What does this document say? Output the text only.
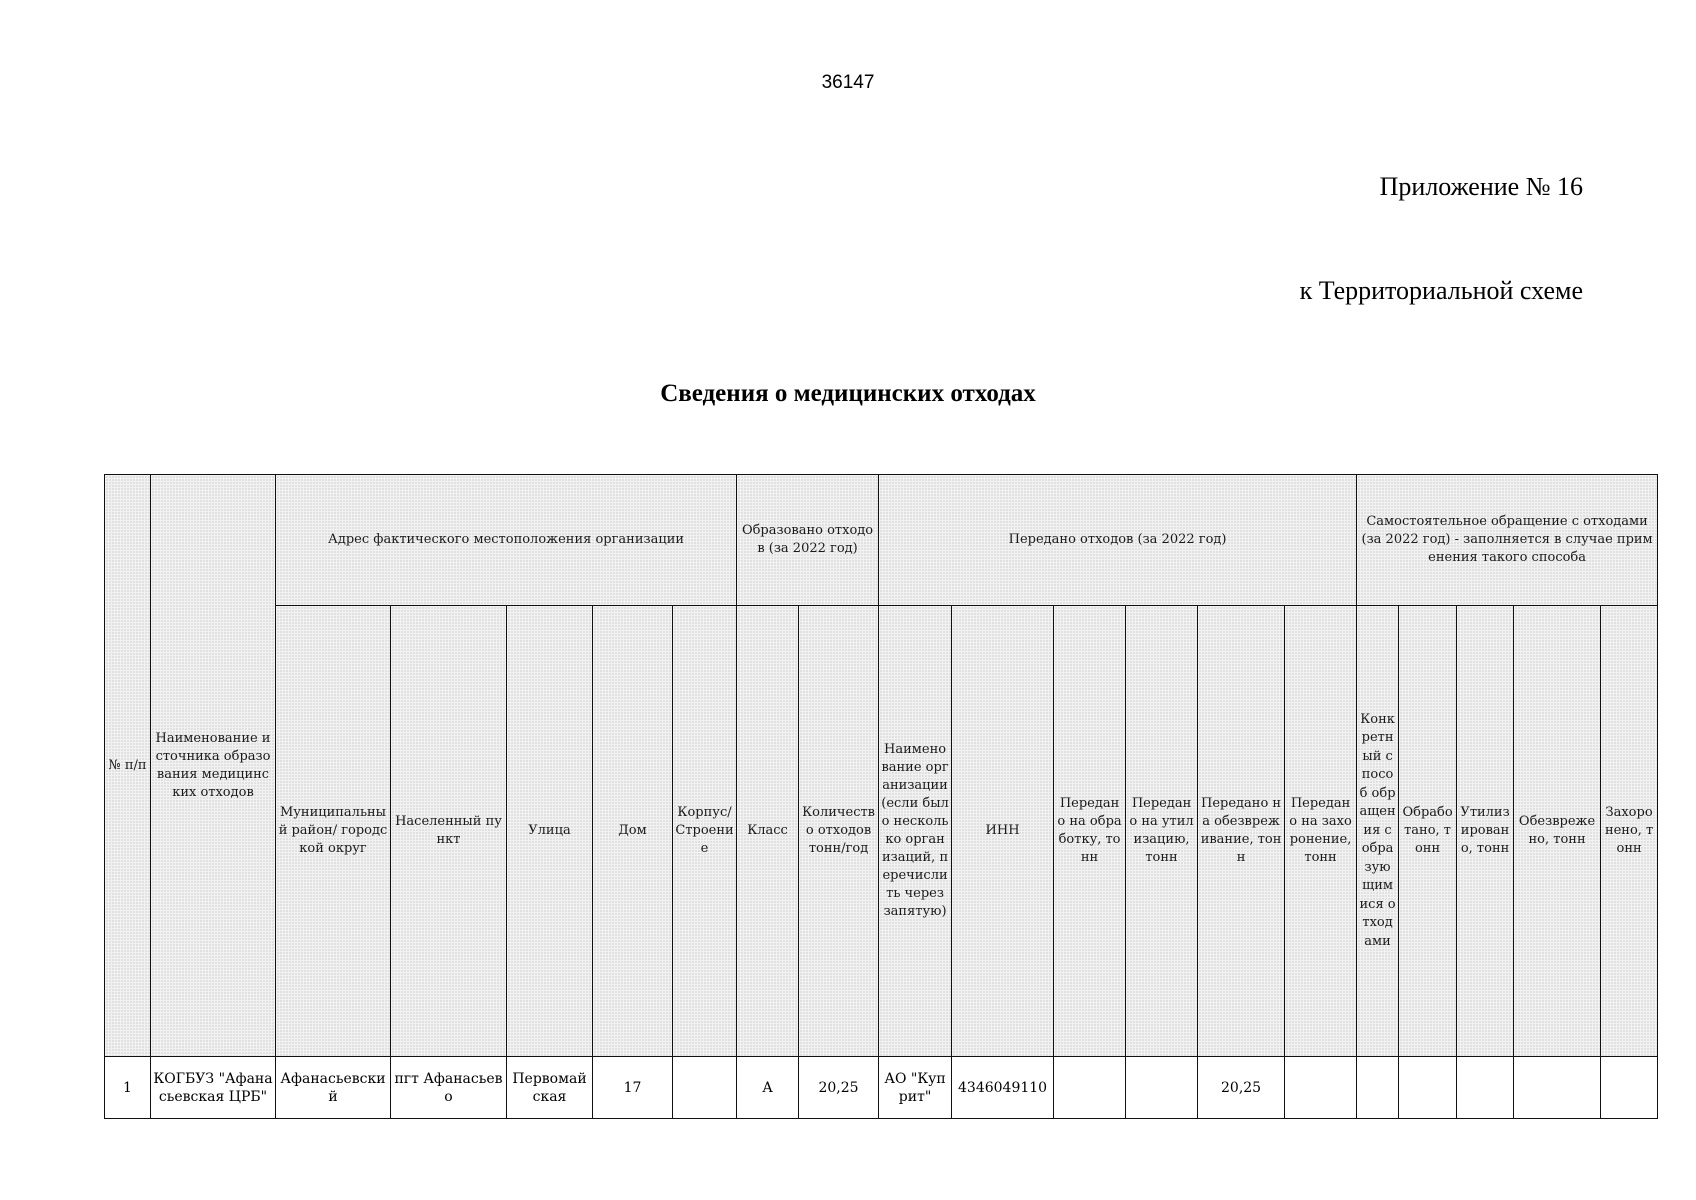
36147
Приложение № 16
к Территориальной схеме
Сведения о медицинских отходах
№ п/п	Наименование источника образования медицинских отходов	Адрес фактического местоположения организации					Образовано отходов (за 2022 год)		Передано отходов (за 2022 год)						Самостоятельное обращение с отходами (за 2022 год) - заполняется в случае применения такого способа				

		Муниципальный район/ городской округ	Населенный пункт	Улица	Дом	Корпус/ Строение	Класс	Количество отходов тонн/год	Наименование организации (если было несколько организаций, перечислить через запятую)	ИНН	Передано на обработку, тонн	Передано на утилизацию, тонн	Передано на обезвреживание, тонн	Передано на захоронение, тонн	Конкретный способ обращения с образующимися отходами	Обработано, тонн	Утилизировано, тонн	Обезврежено, тонн	Захоронено, тонн

1	КОГБУЗ "Афанасьевская ЦРБ"	Афанасьевский	пгт Афанасьево	Первомайская	17		А	20,25	АО "Куприт"	4346049110			20,25						
